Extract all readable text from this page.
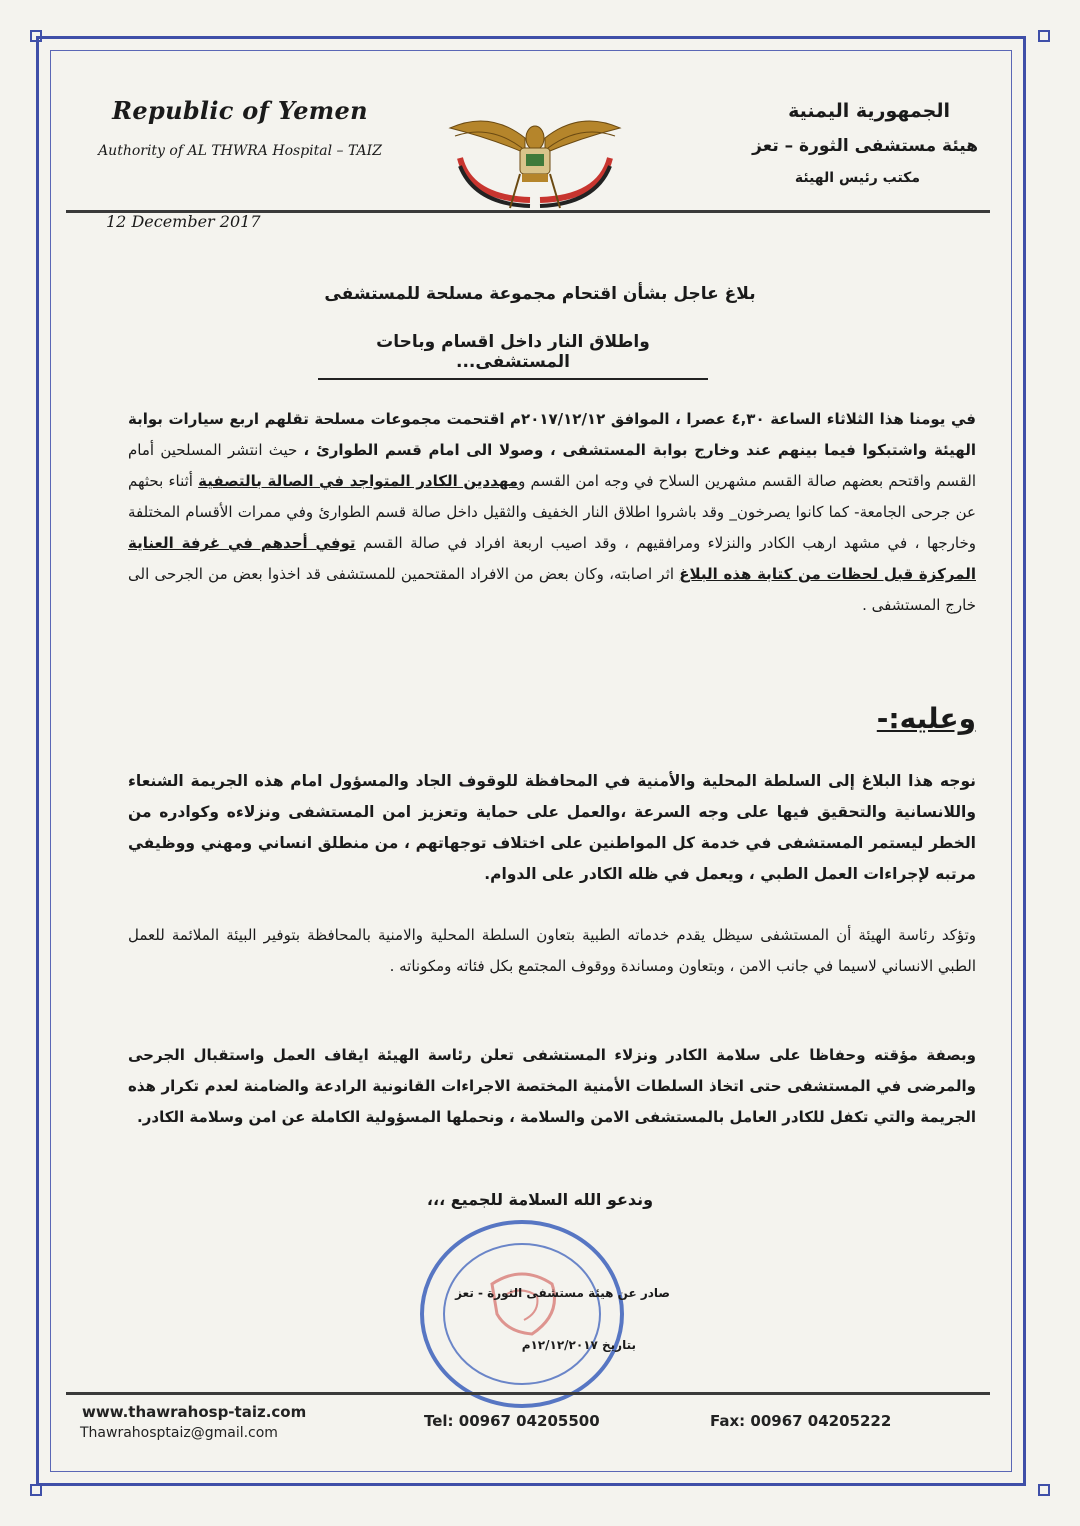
Republic of Yemen
Authority of AL THWRA Hospital – TAIZ
الجمهورية اليمنية
هيئة مستشفى الثورة – تعز
مكتب رئيس الهيئة
12 December 2017
بلاغ عاجل بشأن اقتحام مجموعة مسلحة للمستشفى
واطلاق النار داخل اقسام وباحات المستشفى...
في يومنا هذا الثلاثاء الساعة ٤,٣٠ عصرا ، الموافق ٢٠١٧/١٢/١٢م اقتحمت مجموعات مسلحة تقلهم اربع سيارات بوابة الهيئة واشتبكوا فيما بينهم عند وخارج بوابة المستشفى ، وصولا الى امام قسم الطوارئ ، حيث انتشر المسلحين أمام القسم واقتحم بعضهم صالة القسم مشهرين السلاح في وجه امن القسم ومهددين الكادر المتواجد في الصالة بالتصفية أثناء بحثهم عن جرحى الجامعة- كما كانوا يصرخون_ وقد باشروا اطلاق النار الخفيف والثقيل داخل صالة قسم الطوارئ وفي ممرات الأقسام المختلفة وخارجها ، في مشهد ارهب الكادر والنزلاء ومرافقيهم ، وقد اصيب اربعة افراد في صالة القسم توفي أحدهم في غرفة العناية المركزة قبل لحظات من كتابة هذه البلاغ اثر اصابته، وكان بعض من الافراد المقتحمين للمستشفى قد اخذوا بعض من الجرحى الى خارج المستشفى .
وعليه:-
نوجه هذا البلاغ إلى السلطة المحلية والأمنية في المحافظة للوقوف الجاد والمسؤول امام هذه الجريمة الشنعاء واللانسانية والتحقيق فيها على وجه السرعة ،والعمل على حماية وتعزيز امن المستشفى ونزلاءه وكوادره من الخطر ليستمر المستشفى في خدمة كل المواطنين على اختلاف توجهاتهم ، من منطلق انساني ومهني ووظيفي مرتبه لإجراءات العمل الطبي ، ويعمل في ظله الكادر على الدوام.
وتؤكد رئاسة الهيئة أن المستشفى سيظل يقدم خدماته الطبية بتعاون السلطة المحلية والامنية بالمحافظة بتوفير البيئة الملائمة للعمل الطبي الانساني لاسيما في جانب الامن ، وبتعاون ومساندة ووقوف المجتمع بكل فئاته ومكوناته .
وبصفة مؤقته وحفاظا على سلامة الكادر ونزلاء المستشفى تعلن رئاسة الهيئة ايقاف العمل واستقبال الجرحى والمرضى في المستشفى حتى اتخاذ السلطات الأمنية المختصة الاجراءات القانونية الرادعة والضامنة لعدم تكرار هذه الجريمة والتي تكفل للكادر العامل بالمستشفى الامن والسلامة ، ونحملها المسؤولية الكاملة عن امن وسلامة الكادر.
وندعو الله السلامة للجميع ،،،
صادر عن هيئة مستشفى الثورة - تعز
بتاريخ ١٢/١٢/٢٠١٧م
www.thawrahosp-taiz.com
Thawrahosptaiz@gmail.com
Tel: 00967 04205500	Fax: 00967 04205222
